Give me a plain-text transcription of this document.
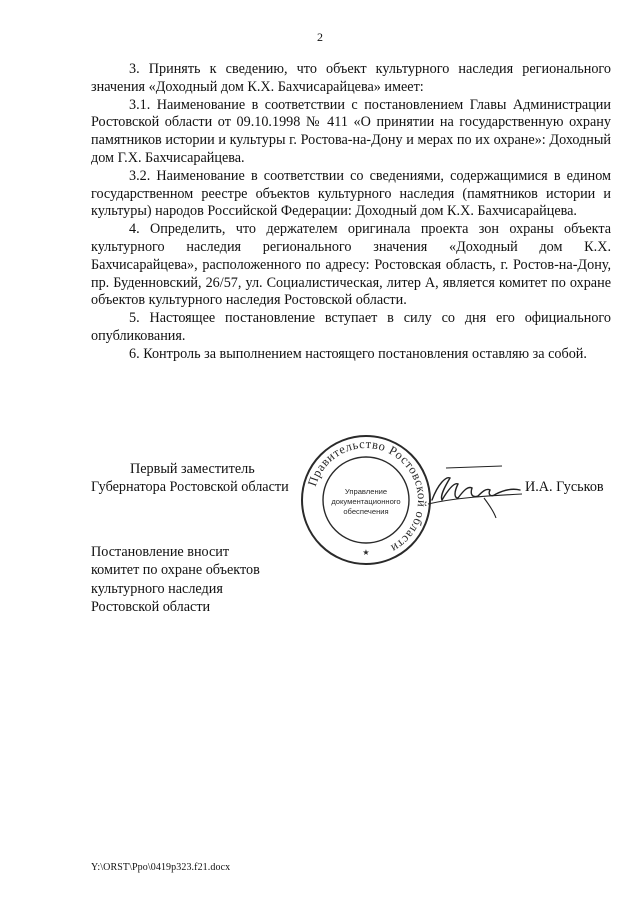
2

3. Принять к сведению, что объект культурного наследия регионального значения «Доходный дом К.Х. Бахчисарайцева» имеет:

3.1. Наименование в соответствии с постановлением Главы Администрации Ростовской области от 09.10.1998 № 411 «О принятии на государственную охрану памятников истории и культуры г. Ростова-на-Дону и мерах по их охране»: Доходный дом Г.Х. Бахчисарайцева.

3.2. Наименование в соответствии со сведениями, содержащимися в едином государственном реестре объектов культурного наследия (памятников истории и культуры) народов Российской Федерации: Доходный дом К.Х. Бахчисарайцева.

4. Определить, что держателем оригинала проекта зон охраны объекта культурного наследия регионального значения «Доходный дом К.Х. Бахчисарайцева», расположенного по адресу: Ростовская область, г. Ростов-на-Дону, пр. Буденновский, 26/57, ул. Социалистическая, литер А, является комитет по охране объектов культурного наследия Ростовской области.

5. Настоящее постановление вступает в силу со дня его официального опубликования.

6. Контроль за выполнением настоящего постановления оставляю за собой.

Первый заместитель
Губернатора Ростовской области Правительство Ростовской области
Управление
документационного
обеспечения
★
И.А. Гуськов
Постановление вносит
комитет по охране объектов
культурного наследия
Ростовской области
Y:\ORST\Ppo\0419p323.f21.docx
